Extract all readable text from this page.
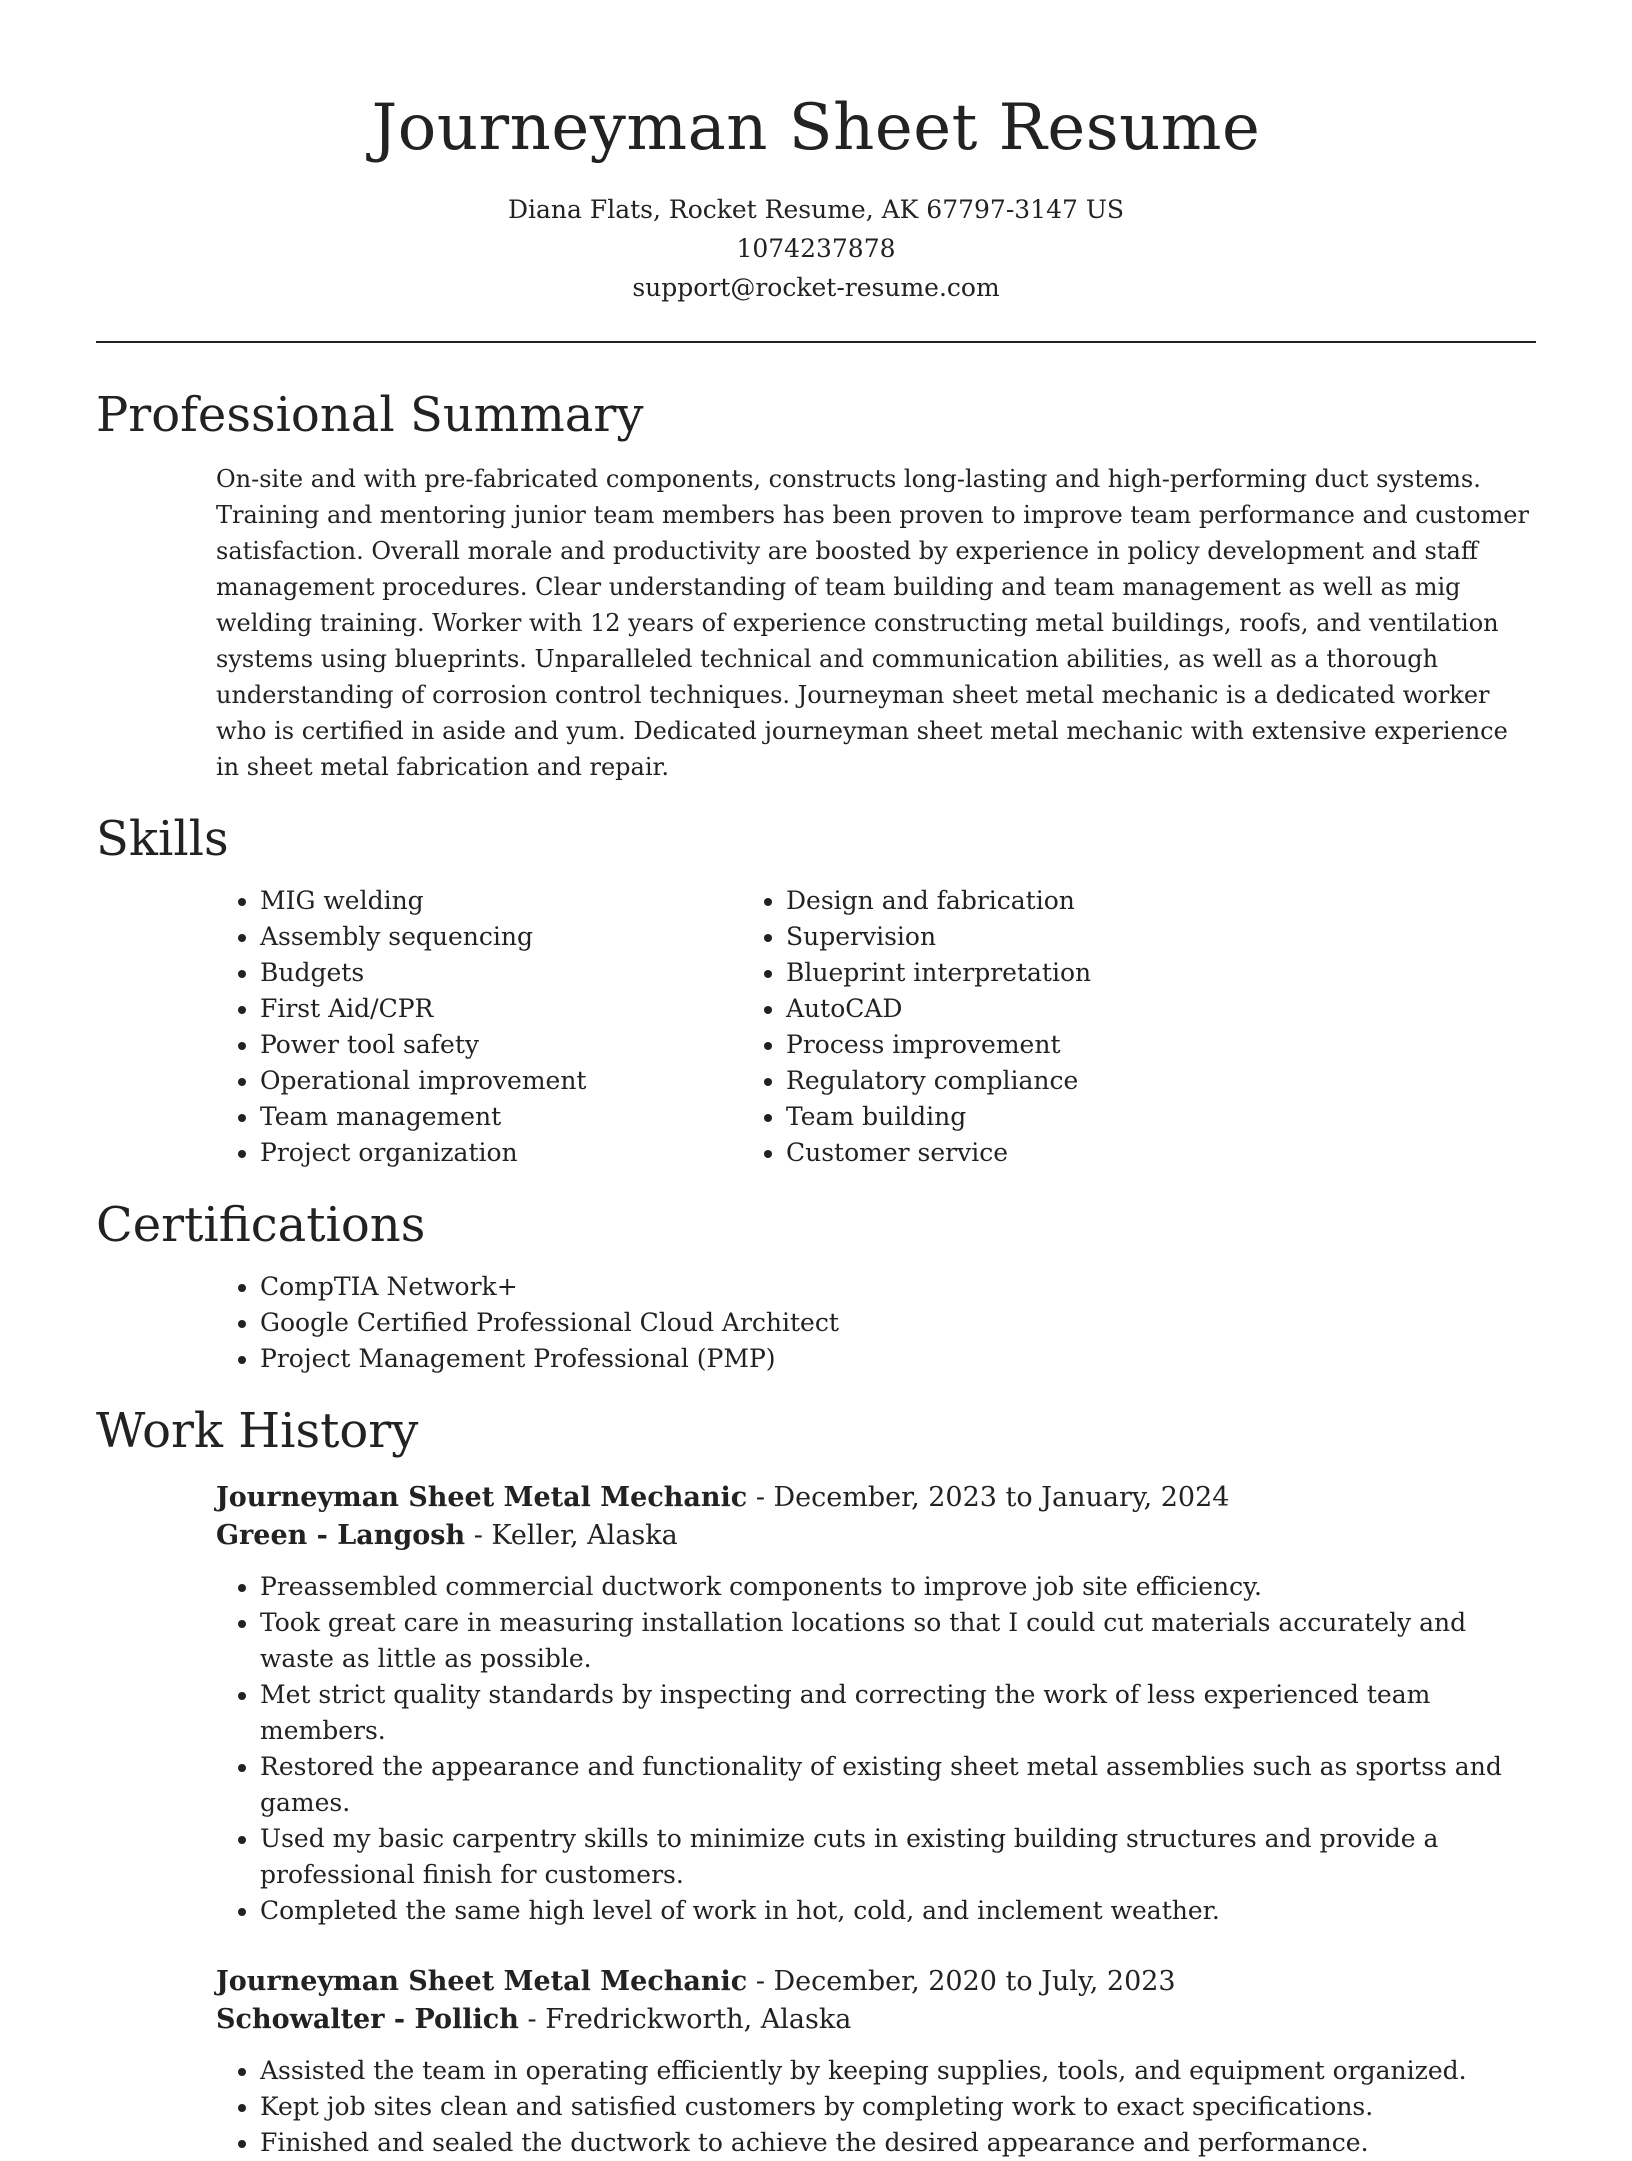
Journeyman Sheet Resume
Diana Flats, Rocket Resume, AK 67797-3147 US
1074237878
support@rocket-resume.com
Professional Summary

On-site and with pre-fabricated components, constructs long-lasting and high-performing duct systems. Training and mentoring junior team members has been proven to improve team performance and customer satisfaction. Overall morale and productivity are boosted by experience in policy development and staff management procedures. Clear understanding of team building and team management as well as mig welding training. Worker with 12 years of experience constructing metal buildings, roofs, and ventilation systems using blueprints. Unparalleled technical and communication abilities, as well as a thorough understanding of corrosion control techniques. Journeyman sheet metal mechanic is a dedicated worker who is certified in aside and yum. Dedicated journeyman sheet metal mechanic with extensive experience in sheet metal fabrication and repair.

Skills
• MIG welding
• Assembly sequencing
• Budgets
• First Aid/CPR
• Power tool safety
• Operational improvement
• Team management
• Project organization
• Design and fabrication
• Supervision
• Blueprint interpretation
• AutoCAD
• Process improvement
• Regulatory compliance
• Team building
• Customer service
Certifications
• CompTIA Network+
• Google Certified Professional Cloud Architect
• Project Management Professional (PMP)
Work History
Journeyman Sheet Metal Mechanic - December, 2023 to January, 2024
Green - Langosh - Keller, Alaska
• Preassembled commercial ductwork components to improve job site efficiency.
• Took great care in measuring installation locations so that I could cut materials accurately and waste as little as possible.
• Met strict quality standards by inspecting and correcting the work of less experienced team members.
• Restored the appearance and functionality of existing sheet metal assemblies such as sportss and games.
• Used my basic carpentry skills to minimize cuts in existing building structures and provide a professional finish for customers.
• Completed the same high level of work in hot, cold, and inclement weather.
Journeyman Sheet Metal Mechanic - December, 2020 to July, 2023
Schowalter - Pollich - Fredrickworth, Alaska
• Assisted the team in operating efficiently by keeping supplies, tools, and equipment organized.
• Kept job sites clean and satisfied customers by completing work to exact specifications.
• Finished and sealed the ductwork to achieve the desired appearance and performance.
